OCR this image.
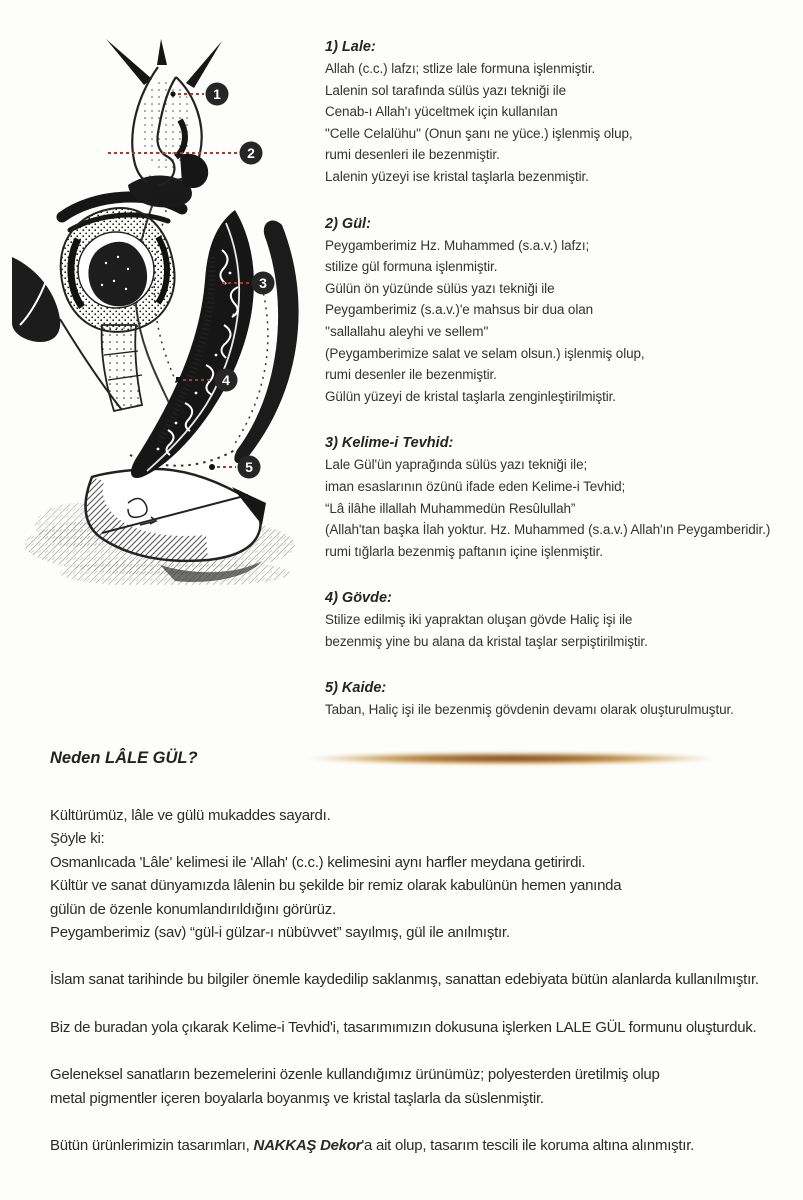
1
2
3
4
5
1) Lale:
Allah (c.c.) lafzı; stlize lale formuna işlenmiştir.
Lalenin sol tarafında sülüs yazı tekniği ile
Cenab-ı Allah'ı yüceltmek için kullanılan
"Celle Celalühu" (Onun şanı ne yüce.) işlenmiş olup,
rumi desenleri ile bezenmiştir.
Lalenin yüzeyi ise kristal taşlarla bezenmiştir.
2) Gül:
Peygamberimiz Hz. Muhammed (s.a.v.) lafzı;
stilize gül formuna işlenmiştir.
Gülün ön yüzünde sülüs yazı tekniği ile
Peygamberimiz (s.a.v.)'e mahsus bir dua olan
''sallallahu aleyhi ve sellem''
(Peygamberimize salat ve selam olsun.) işlenmiş olup,
rumi desenler ile bezenmiştir.
Gülün yüzeyi de kristal taşlarla zenginleştirilmiştir.
3) Kelime-i Tevhid:
Lale Gül'ün yaprağında sülüs yazı tekniği ile;
iman esaslarının özünü ifade eden Kelime-i Tevhid;
“Lâ ilâhe illallah Muhammedün Resûlullah”
(Allah'tan başka İlah yoktur. Hz. Muhammed (s.a.v.) Allah'ın Peygamberidir.)
rumi tığlarla bezenmiş paftanın içine işlenmiştir.
4) Gövde:
Stilize edilmiş iki yapraktan oluşan gövde Haliç işi ile
bezenmiş yine bu alana da kristal taşlar serpiştirilmiştir.
5) Kaide:
Taban, Haliç işi ile bezenmiş gövdenin devamı olarak oluşturulmuştur.
Neden LÂLE GÜL?
Kültürümüz, lâle ve gülü mukaddes sayardı.
Şöyle ki:
Osmanlıcada 'Lâle' kelimesi ile 'Allah' (c.c.) kelimesini aynı harfler meydana getirirdi.
Kültür ve sanat dünyamızda lâlenin bu şekilde bir remiz olarak kabulünün hemen yanında
gülün de özenle konumlandırıldığını görürüz.
Peygamberimiz (sav) “gül-i gülzar-ı nübüvvet” sayılmış, gül ile anılmıştır.
İslam sanat tarihinde bu bilgiler önemle kaydedilip saklanmış, sanattan edebiyata bütün alanlarda kullanılmıştır.
Biz de buradan yola çıkarak Kelime-i Tevhid'i, tasarımımızın dokusuna işlerken LALE GÜL formunu oluşturduk.
Geleneksel sanatların bezemelerini özenle kullandığımız ürünümüz; polyesterden üretilmiş olup
metal pigmentler içeren boyalarla boyanmış ve kristal taşlarla da süslenmiştir.
Bütün ürünlerimizin tasarımları, NAKKAŞ Dekor'a ait olup, tasarım tescili ile koruma altına alınmıştır.
